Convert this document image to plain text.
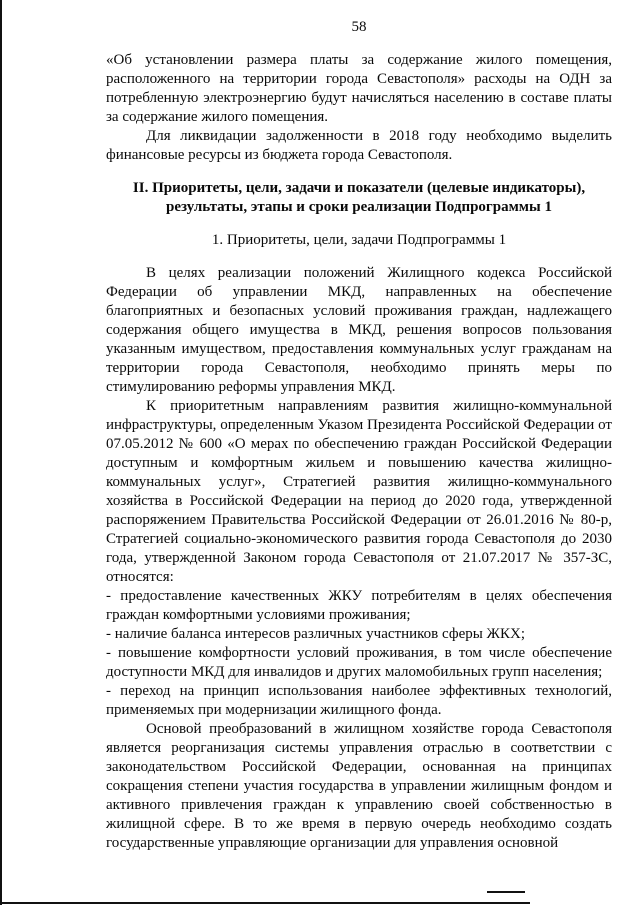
58

«Об установлении размера платы за содержание жилого помещения, расположенного на территории города Севастополя» расходы на ОДН за потребленную электроэнергию будут начисляться населению в составе платы за содержание жилого помещения.

Для ликвидации задолженности в 2018 году необходимо выделить финансовые ресурсы из бюджета города Севастополя.

II. Приоритеты, цели, задачи и показатели (целевые индикаторы), результаты, этапы и сроки реализации Подпрограммы 1

1. Приоритеты, цели, задачи Подпрограммы 1

В целях реализации положений Жилищного кодекса Российской Федерации об управлении МКД, направленных на обеспечение благоприятных и безопасных условий проживания граждан, надлежащего содержания общего имущества в МКД, решения вопросов пользования указанным имуществом, предоставления коммунальных услуг гражданам на территории города Севастополя, необходимо принять меры по стимулированию реформы управления МКД.

К приоритетным направлениям развития жилищно-коммунальной инфраструктуры, определенным Указом Президента Российской Федерации от 07.05.2012 № 600 «О мерах по обеспечению граждан Российской Федерации доступным и комфортным жильем и повышению качества жилищно-коммунальных услуг», Стратегией развития жилищно-коммунального хозяйства в Российской Федерации на период до 2020 года, утвержденной распоряжением Правительства Российской Федерации от 26.01.2016 № 80-р, Стратегией социально-экономического развития города Севастополя до 2030 года, утвержденной Законом города Севастополя от 21.07.2017 № 357-ЗС, относятся:

- предоставление качественных ЖКУ потребителям в целях обеспечения граждан комфортными условиями проживания;

- наличие баланса интересов различных участников сферы ЖКХ;

- повышение комфортности условий проживания, в том числе обеспечение доступности МКД для инвалидов и других маломобильных групп населения;

- переход на принцип использования наиболее эффективных технологий, применяемых при модернизации жилищного фонда.

Основой преобразований в жилищном хозяйстве города Севастополя является реорганизация системы управления отраслью в соответствии с законодательством Российской Федерации, основанная на принципах сокращения степени участия государства в управлении жилищным фондом и активного привлечения граждан к управлению своей собственностью в жилищной сфере. В то же время в первую очередь необходимо создать государственные управляющие организации для управления основной
